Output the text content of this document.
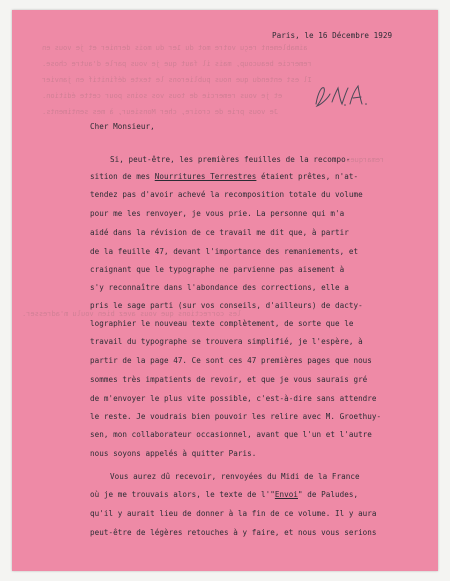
aimablement reçu votre mot du 1er du mois dernier et je vous en
remercie beaucoup, mais il faut que je vous parle d'autre chose.
Il est entendu que nous publierons le texte définitif en janvier
et je vous remercie de tous vos soins pour cette édition.
Je vous prie de croire, cher Monsieur, à mes sentiments.
remarques.
les corrections que vous avez bien voulu m'adresser.
Paris, le 16 Décembre 1929
Cher Monsieur,
Si, peut-être, les premières feuilles de la recompo-
sition de mes Nourritures Terrestres étaient prêtes, n'at-
tendez pas d'avoir achevé la recomposition totale du volume
pour me les renvoyer, je vous prie. La personne qui m'a
aidé dans la révision de ce travail me dit que, à partir
de la feuille 47, devant l'importance des remaniements, et
craignant que le typographe ne parvienne pas aisement à
s'y reconnaître dans l'abondance des corrections, elle a
pris le sage parti (sur vos conseils, d'ailleurs) de dacty-
lographier le nouveau texte complètement, de sorte que le
travail du typographe se trouvera simplifié, je l'espère, à
partir de la page 47. Ce sont ces 47 premières pages que nous
sommes très impatients de revoir, et que je vous saurais gré
de m'envoyer le plus vite possible, c'est-à-dire sans attendre
le reste. Je voudrais bien pouvoir les relire avec M. Groethuy-
sen, mon collaborateur occasionnel, avant que l'un et l'autre
nous soyons appelés à quitter Paris.
Vous aurez dû recevoir, renvoyées du Midi de la France
où je me trouvais alors, le texte de l'"Envoi" de Paludes,
qu'il y aurait lieu de donner à la fin de ce volume. Il y aura
peut-être de légères retouches à y faire, et nous vous serions
